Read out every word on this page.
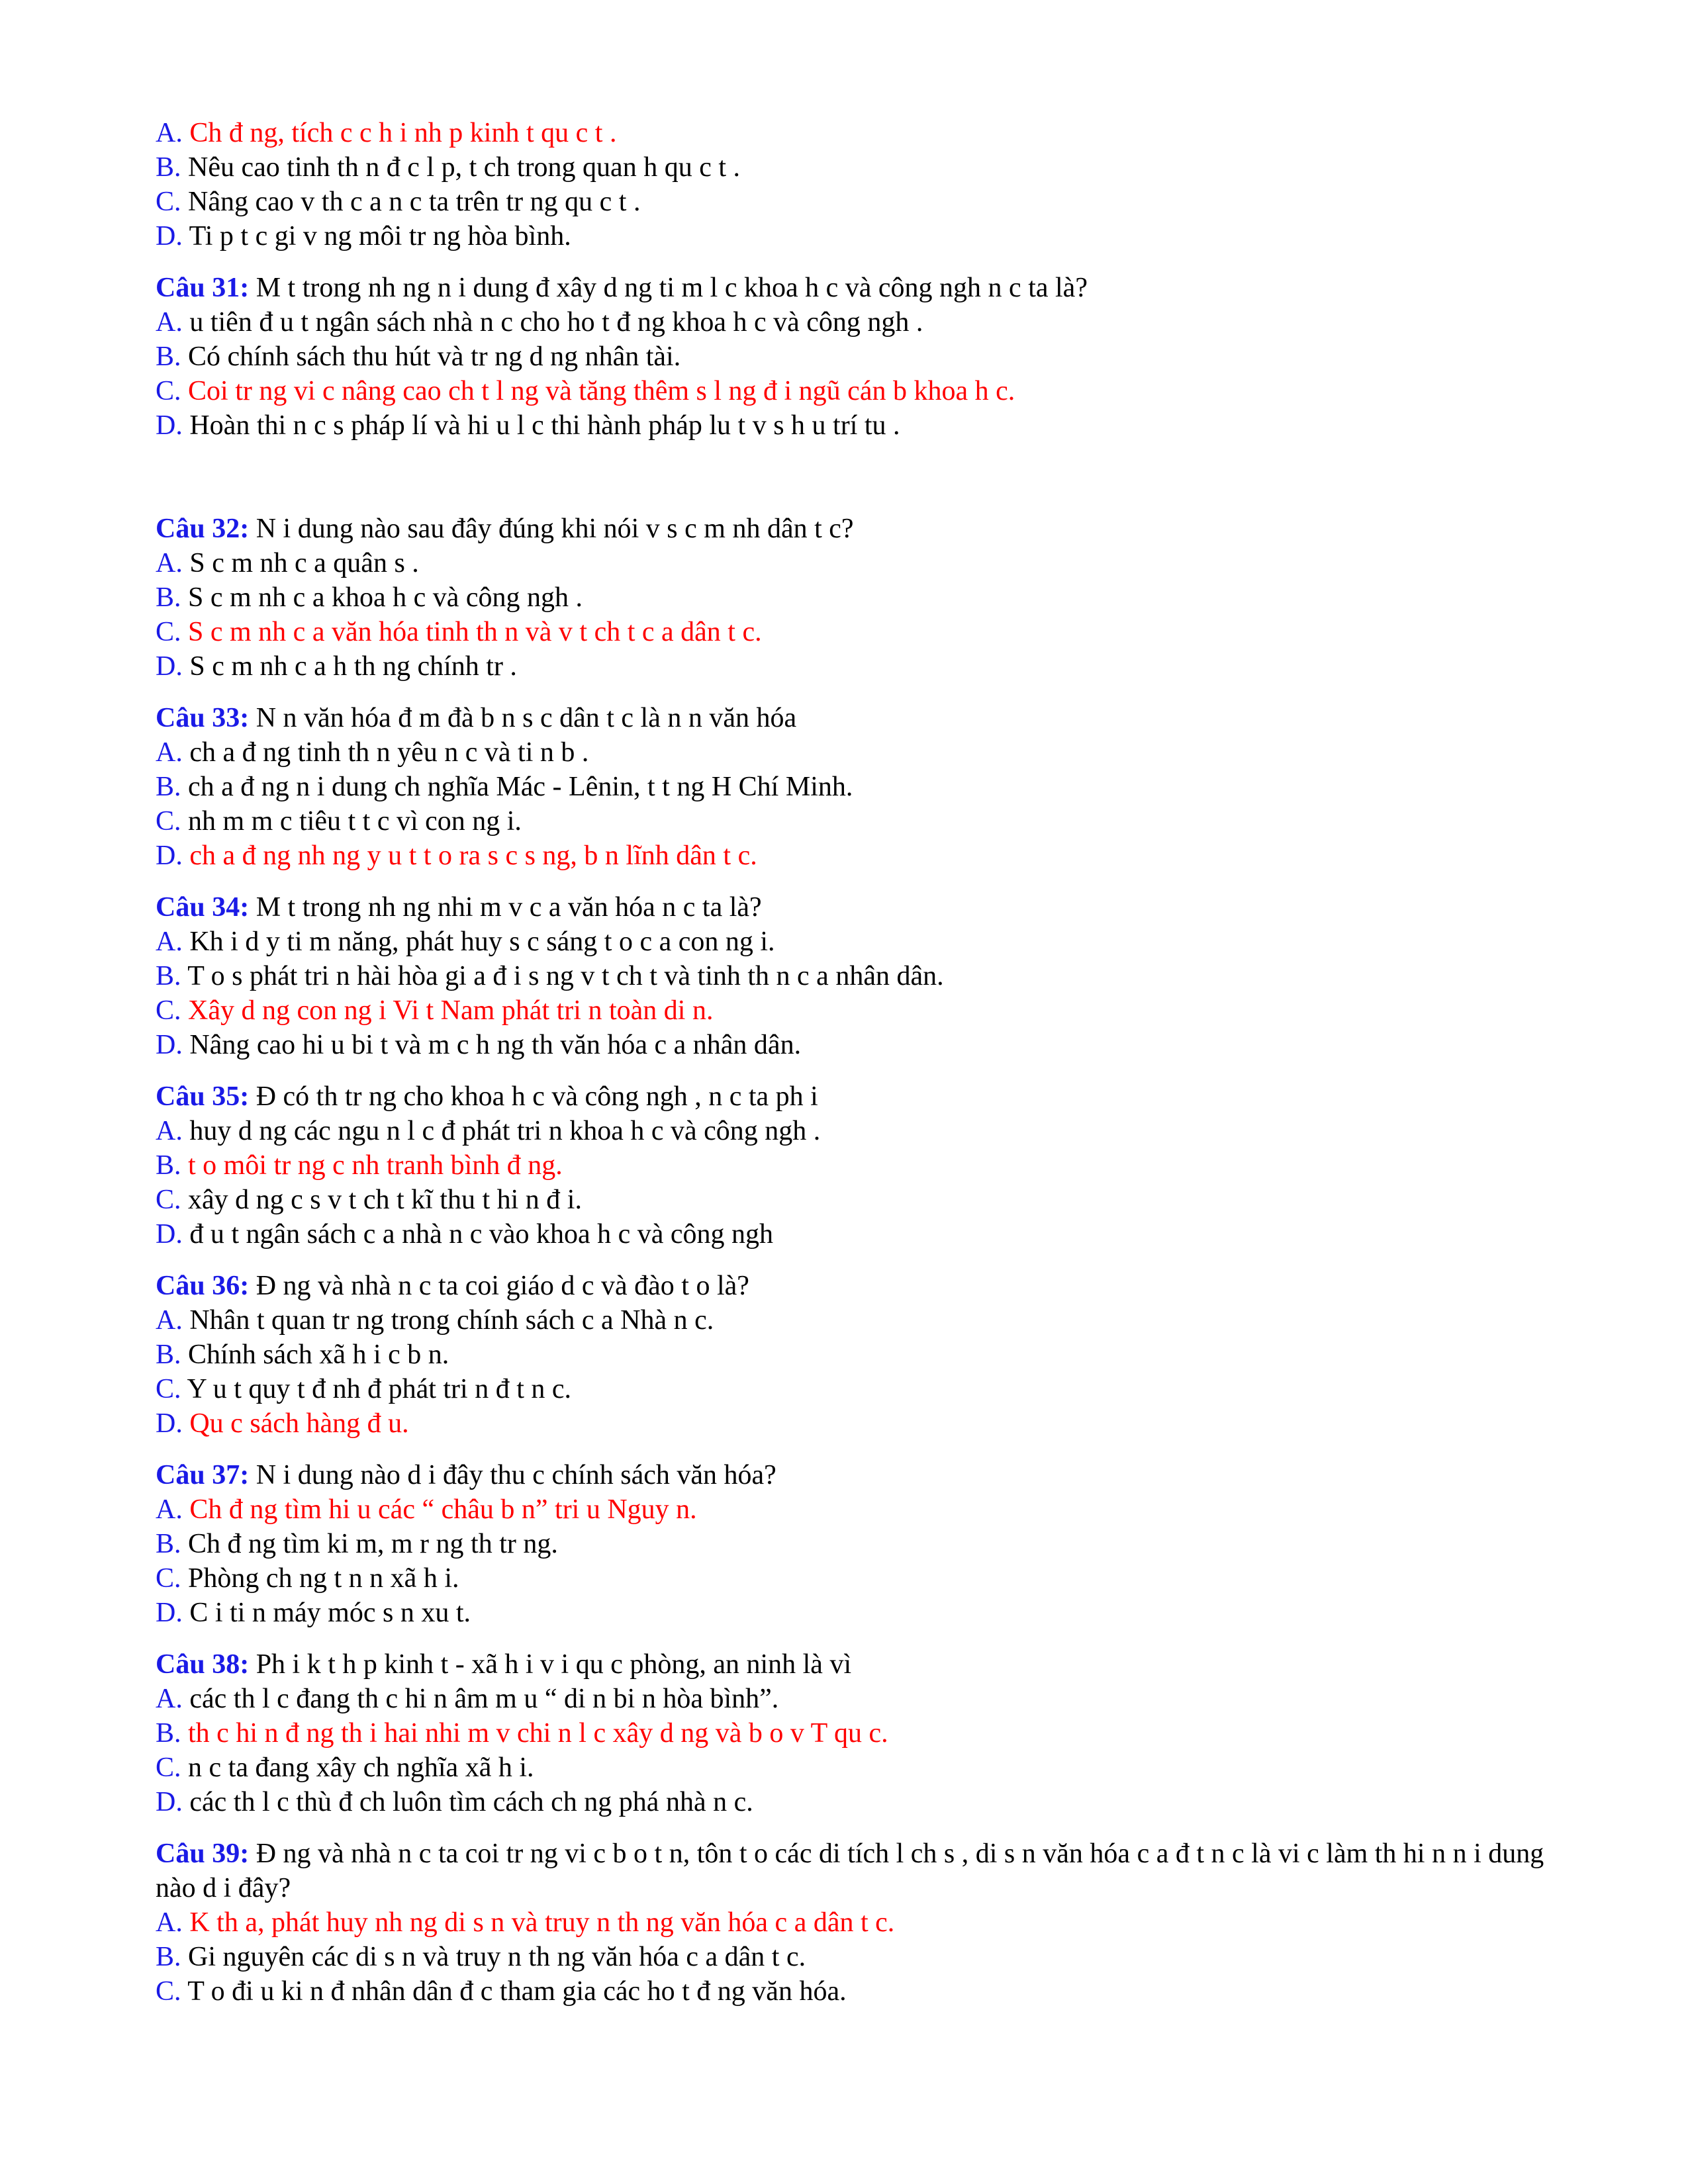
A. Ch đ ng, tích c c h i nh p kinh t qu c t .
B. Nêu cao tinh th n đ c l p, t ch trong quan h qu c t .
C. Nâng cao v th c a n c ta trên tr ng qu c t .
D. Ti p t c gi v ng môi tr ng hòa bình.
Câu 31: M t trong nh ng n i dung đ xây d ng ti m l c khoa h c và công ngh n c ta là?
A. u tiên đ u t ngân sách nhà n c cho ho t đ ng khoa h c và công ngh .
B. Có chính sách thu hút và tr ng d ng nhân tài.
C. Coi tr ng vi c nâng cao ch t l ng và tăng thêm s l ng đ i ngũ cán b khoa h c.
D. Hoàn thi n c s pháp lí và hi u l c thi hành pháp lu t v s h u trí tu .
Câu 32: N i dung nào sau đây đúng khi nói v s c m nh dân t c?
A. S c m nh c a quân s .
B. S c m nh c a khoa h c và công ngh .
C. S c m nh c a văn hóa tinh th n và v t ch t c a dân t c.
D. S c m nh c a h th ng chính tr .
Câu 33: N n văn hóa đ m đà b n s c dân t c là n n văn hóa
A. ch a đ ng tinh th n yêu n c và ti n b .
B. ch a đ ng n i dung ch nghĩa Mác - Lênin, t t ng H Chí Minh.
C. nh m m c tiêu t t c vì con ng i.
D. ch a đ ng nh ng y u t t o ra s c s ng, b n lĩnh dân t c.
Câu 34: M t trong nh ng nhi m v c a văn hóa n c ta là?
A. Kh i d y ti m năng, phát huy s c sáng t o c a con ng i.
B. T o s phát tri n hài hòa gi a đ i s ng v t ch t và tinh th n c a nhân dân.
C. Xây d ng con ng i Vi t Nam phát tri n toàn di n.
D. Nâng cao hi u bi t và m c h ng th văn hóa c a nhân dân.
Câu 35: Đ có th tr ng cho khoa h c và công ngh , n c ta ph i
A. huy d ng các ngu n l c đ phát tri n khoa h c và công ngh .
B. t o môi tr ng c nh tranh bình đ ng.
C. xây d ng c s v t ch t kĩ thu t hi n đ i.
D. đ u t ngân sách c a nhà n c vào khoa h c và công ngh
Câu 36: Đ ng và nhà n c ta coi giáo d c và đào t o là?
A. Nhân t quan tr ng trong chính sách c a Nhà n c.
B. Chính sách xã h i c b n.
C. Y u t quy t đ nh đ phát tri n đ t n c.
D. Qu c sách hàng đ u.
Câu 37: N i dung nào d i đây thu c chính sách văn hóa?
A. Ch đ ng tìm hi u các “ châu b n” tri u Nguy n.
B. Ch đ ng tìm ki m, m r ng th tr ng.
C. Phòng ch ng t n n xã h i.
D. C i ti n máy móc s n xu t.
Câu 38: Ph i k t h p kinh t - xã h i v i qu c phòng, an ninh là vì
A. các th l c đang th c hi n âm m u “ di n bi n hòa bình”.
B. th c hi n đ ng th i hai nhi m v chi n l c xây d ng và b o v T qu c.
C. n c ta đang xây ch nghĩa xã h i.
D. các th l c thù đ ch luôn tìm cách ch ng phá nhà n c.
Câu 39: Đ ng và nhà n c ta coi tr ng vi c b o t n, tôn t o các di tích l ch s , di s n văn hóa c a đ t n c là vi c làm th hi n n i dung nào d i đây?
A. K th a, phát huy nh ng di s n và truy n th ng văn hóa c a dân t c.
B. Gi nguyên các di s n và truy n th ng văn hóa c a dân t c.
C. T o đi u ki n đ nhân dân đ c tham gia các ho t đ ng văn hóa.
